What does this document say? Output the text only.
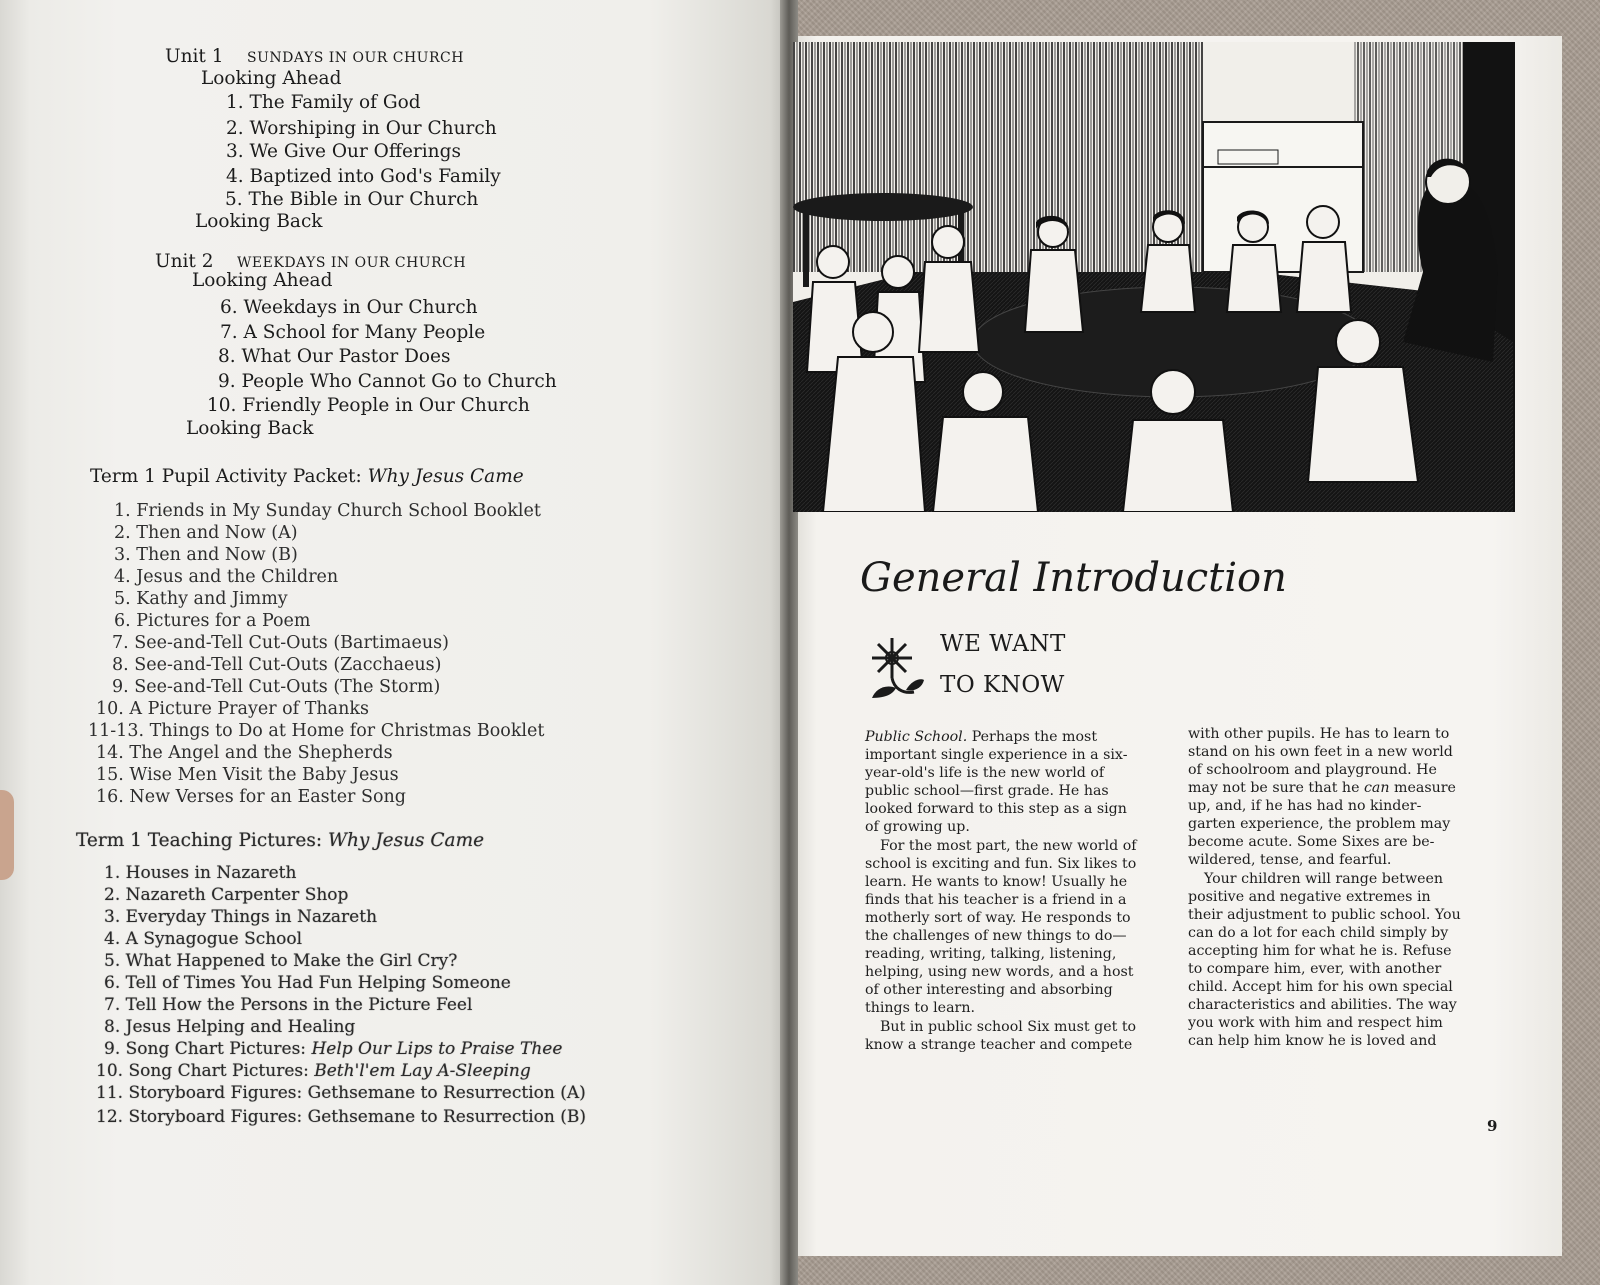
Unit 1 SUNDAYS IN OUR CHURCH
Looking Ahead
1. The Family of God
2. Worshiping in Our Church
3. We Give Our Offerings
4. Baptized into God's Family
5. The Bible in Our Church
Looking Back
Unit 2 WEEKDAYS IN OUR CHURCH
Looking Ahead
6. Weekdays in Our Church
7. A School for Many People
8. What Our Pastor Does
9. People Who Cannot Go to Church
10. Friendly People in Our Church
Looking Back
Term 1 Pupil Activity Packet: Why Jesus Came
1. Friends in My Sunday Church School Booklet
2. Then and Now (A)
3. Then and Now (B)
4. Jesus and the Children
5. Kathy and Jimmy
6. Pictures for a Poem
7. See-and-Tell Cut-Outs (Bartimaeus)
8. See-and-Tell Cut-Outs (Zacchaeus)
9. See-and-Tell Cut-Outs (The Storm)
10. A Picture Prayer of Thanks
11-13. Things to Do at Home for Christmas Booklet
14. The Angel and the Shepherds
15. Wise Men Visit the Baby Jesus
16. New Verses for an Easter Song
Term 1 Teaching Pictures: Why Jesus Came
1. Houses in Nazareth
2. Nazareth Carpenter Shop
3. Everyday Things in Nazareth
4. A Synagogue School
5. What Happened to Make the Girl Cry?
6. Tell of Times You Had Fun Helping Someone
7. Tell How the Persons in the Picture Feel
8. Jesus Helping and Healing
9. Song Chart Pictures: Help Our Lips to Praise Thee
10. Song Chart Pictures: Beth'l'em Lay A-Sleeping
11. Storyboard Figures: Gethsemane to Resurrection (A)
12. Storyboard Figures: Gethsemane to Resurrection (B)
General Introduction
WE WANT
TO KNOW
Public School. Perhaps the most
important single experience in a six-
year-old's life is the new world of
public school—first grade. He has
looked forward to this step as a sign
of growing up.
For the most part, the new world of
school is exciting and fun. Six likes to
learn. He wants to know! Usually he
finds that his teacher is a friend in a
motherly sort of way. He responds to
the challenges of new things to do—
reading, writing, talking, listening,
helping, using new words, and a host
of other interesting and absorbing
things to learn.
But in public school Six must get to
know a strange teacher and compete
with other pupils. He has to learn to
stand on his own feet in a new world
of schoolroom and playground. He
may not be sure that he can measure
up, and, if he has had no kinder-
garten experience, the problem may
become acute. Some Sixes are be-
wildered, tense, and fearful.
Your children will range between
positive and negative extremes in
their adjustment to public school. You
can do a lot for each child simply by
accepting him for what he is. Refuse
to compare him, ever, with another
child. Accept him for his own special
characteristics and abilities. The way
you work with him and respect him
can help him know he is loved and
9
